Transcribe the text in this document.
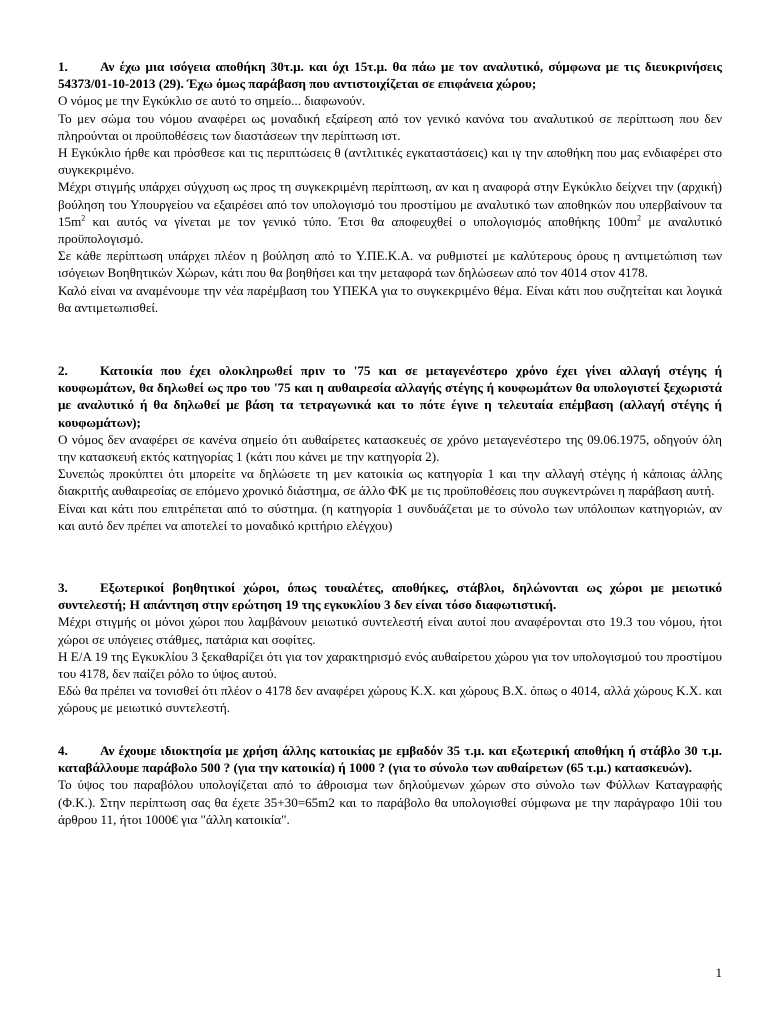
1. Αν έχω μια ισόγεια αποθήκη 30τ.μ. και όχι 15τ.μ. θα πάω με τον αναλυτικό, σύμφωνα με τις διευκρινήσεις 54373/01-10-2013 (29). Έχω όμως παράβαση που αντιστοιχίζεται σε επιφάνεια χώρου;

Ο νόμος με την Εγκύκλιο σε αυτό το σημείο... διαφωνούν.

Το μεν σώμα του νόμου αναφέρει ως μοναδική εξαίρεση από τον γενικό κανόνα του αναλυτικού σε περίπτωση που δεν πληρούνται οι προϋποθέσεις των διαστάσεων την περίπτωση ιστ.

Η Εγκύκλιο ήρθε και πρόσθεσε και τις περιπτώσεις θ (αντλιτικές εγκαταστάσεις) και ιγ την αποθήκη που μας ενδιαφέρει στο συγκεκριμένο.

Μέχρι στιγμής υπάρχει σύγχυση ως προς τη συγκεκριμένη περίπτωση, αν και η αναφορά στην Εγκύκλιο δείχνει την (αρχική) βούληση του Υπουργείου να εξαιρέσει από τον υπολογισμό του προστίμου με αναλυτικό των αποθηκών που υπερβαίνουν τα $15m^2$ και αυτός να γίνεται με τον γενικό τύπο. Έτσι θα αποφευχθεί ο υπολογισμός αποθήκης $100m^2$ με αναλυτικό προϋπολογισμό.

Σε κάθε περίπτωση υπάρχει πλέον η βούληση από το Υ.ΠΕ.Κ.Α. να ρυθμιστεί με καλύτερους όρους η αντιμετώπιση των ισόγειων Βοηθητικών Χώρων, κάτι που θα βοηθήσει και την μεταφορά των δηλώσεων από τον 4014 στον 4178.

Καλό είναι να αναμένουμε την νέα παρέμβαση του ΥΠΕΚΑ για το συγκεκριμένο θέμα. Είναι κάτι που συζητείται και λογικά θα αντιμετωπισθεί.

2. Κατοικία που έχει ολοκληρωθεί πριν το '75 και σε μεταγενέστερο χρόνο έχει γίνει αλλαγή στέγης ή κουφωμάτων, θα δηλωθεί ως προ του '75 και η αυθαιρεσία αλλαγής στέγης ή κουφωμάτων θα υπολογιστεί ξεχωριστά με αναλυτικό ή θα δηλωθεί με βάση τα τετραγωνικά και το πότε έγινε η τελευταία επέμβαση (αλλαγή στέγης ή κουφωμάτων);

Ο νόμος δεν αναφέρει σε κανένα σημείο ότι αυθαίρετες κατασκευές σε χρόνο μεταγενέστερο της 09.06.1975, οδηγούν όλη την κατασκευή εκτός κατηγορίας 1 (κάτι που κάνει με την κατηγορία 2).

Συνεπώς προκύπτει ότι μπορείτε να δηλώσετε τη μεν κατοικία ως κατηγορία 1 και την αλλαγή στέγης ή κάποιας άλλης διακριτής αυθαιρεσίας σε επόμενο χρονικό διάστημα, σε άλλο ΦΚ με τις προϋποθέσεις που συγκεντρώνει η παράβαση αυτή.

Είναι και κάτι που επιτρέπεται από το σύστημα. (η κατηγορία 1 συνδυάζεται με το σύνολο των υπόλοιπων κατηγοριών, αν και αυτό δεν πρέπει να αποτελεί το μοναδικό κριτήριο ελέγχου)

3. Εξωτερικοί βοηθητικοί χώροι, όπως τουαλέτες, αποθήκες, στάβλοι, δηλώνονται ως χώροι με μειωτικό συντελεστή; Η απάντηση στην ερώτηση 19 της εγκυκλίου 3 δεν είναι τόσο διαφωτιστική.

Μέχρι στιγμής οι μόνοι χώροι που λαμβάνουν μειωτικό συντελεστή είναι αυτοί που αναφέρονται στο 19.3 του νόμου, ήτοι χώροι σε υπόγειες στάθμες, πατάρια και σοφίτες.

Η Ε/Α 19 της Εγκυκλίου 3 ξεκαθαρίζει ότι για τον χαρακτηρισμό ενός αυθαίρετου χώρου για τον υπολογισμού του προστίμου του 4178, δεν παίζει ρόλο το ύψος αυτού.

Εδώ θα πρέπει να τονισθεί ότι πλέον ο 4178 δεν αναφέρει χώρους Κ.Χ. και χώρους Β.Χ. όπως ο 4014, αλλά χώρους Κ.Χ. και χώρους με μειωτικό συντελεστή.

4. Αν έχουμε ιδιοκτησία με χρήση άλλης κατοικίας με εμβαδόν 35 τ.μ. και εξωτερική αποθήκη ή στάβλο 30 τ.μ. καταβάλλουμε παράβολο 500 ? (για την κατοικία) ή 1000 ? (για το σύνολο των αυθαίρετων (65 τ.μ.) κατασκευών).

Το ύψος του παραβόλου υπολογίζεται από το άθροισμα των δηλούμενων χώρων στο σύνολο των Φύλλων Καταγραφής (Φ.Κ.). Στην περίπτωση σας θα έχετε 35+30=65m2 και το παράβολο θα υπολογισθεί σύμφωνα με την παράγραφο 10ii του άρθρου 11, ήτοι 1000€ για "άλλη κατοικία".

1
